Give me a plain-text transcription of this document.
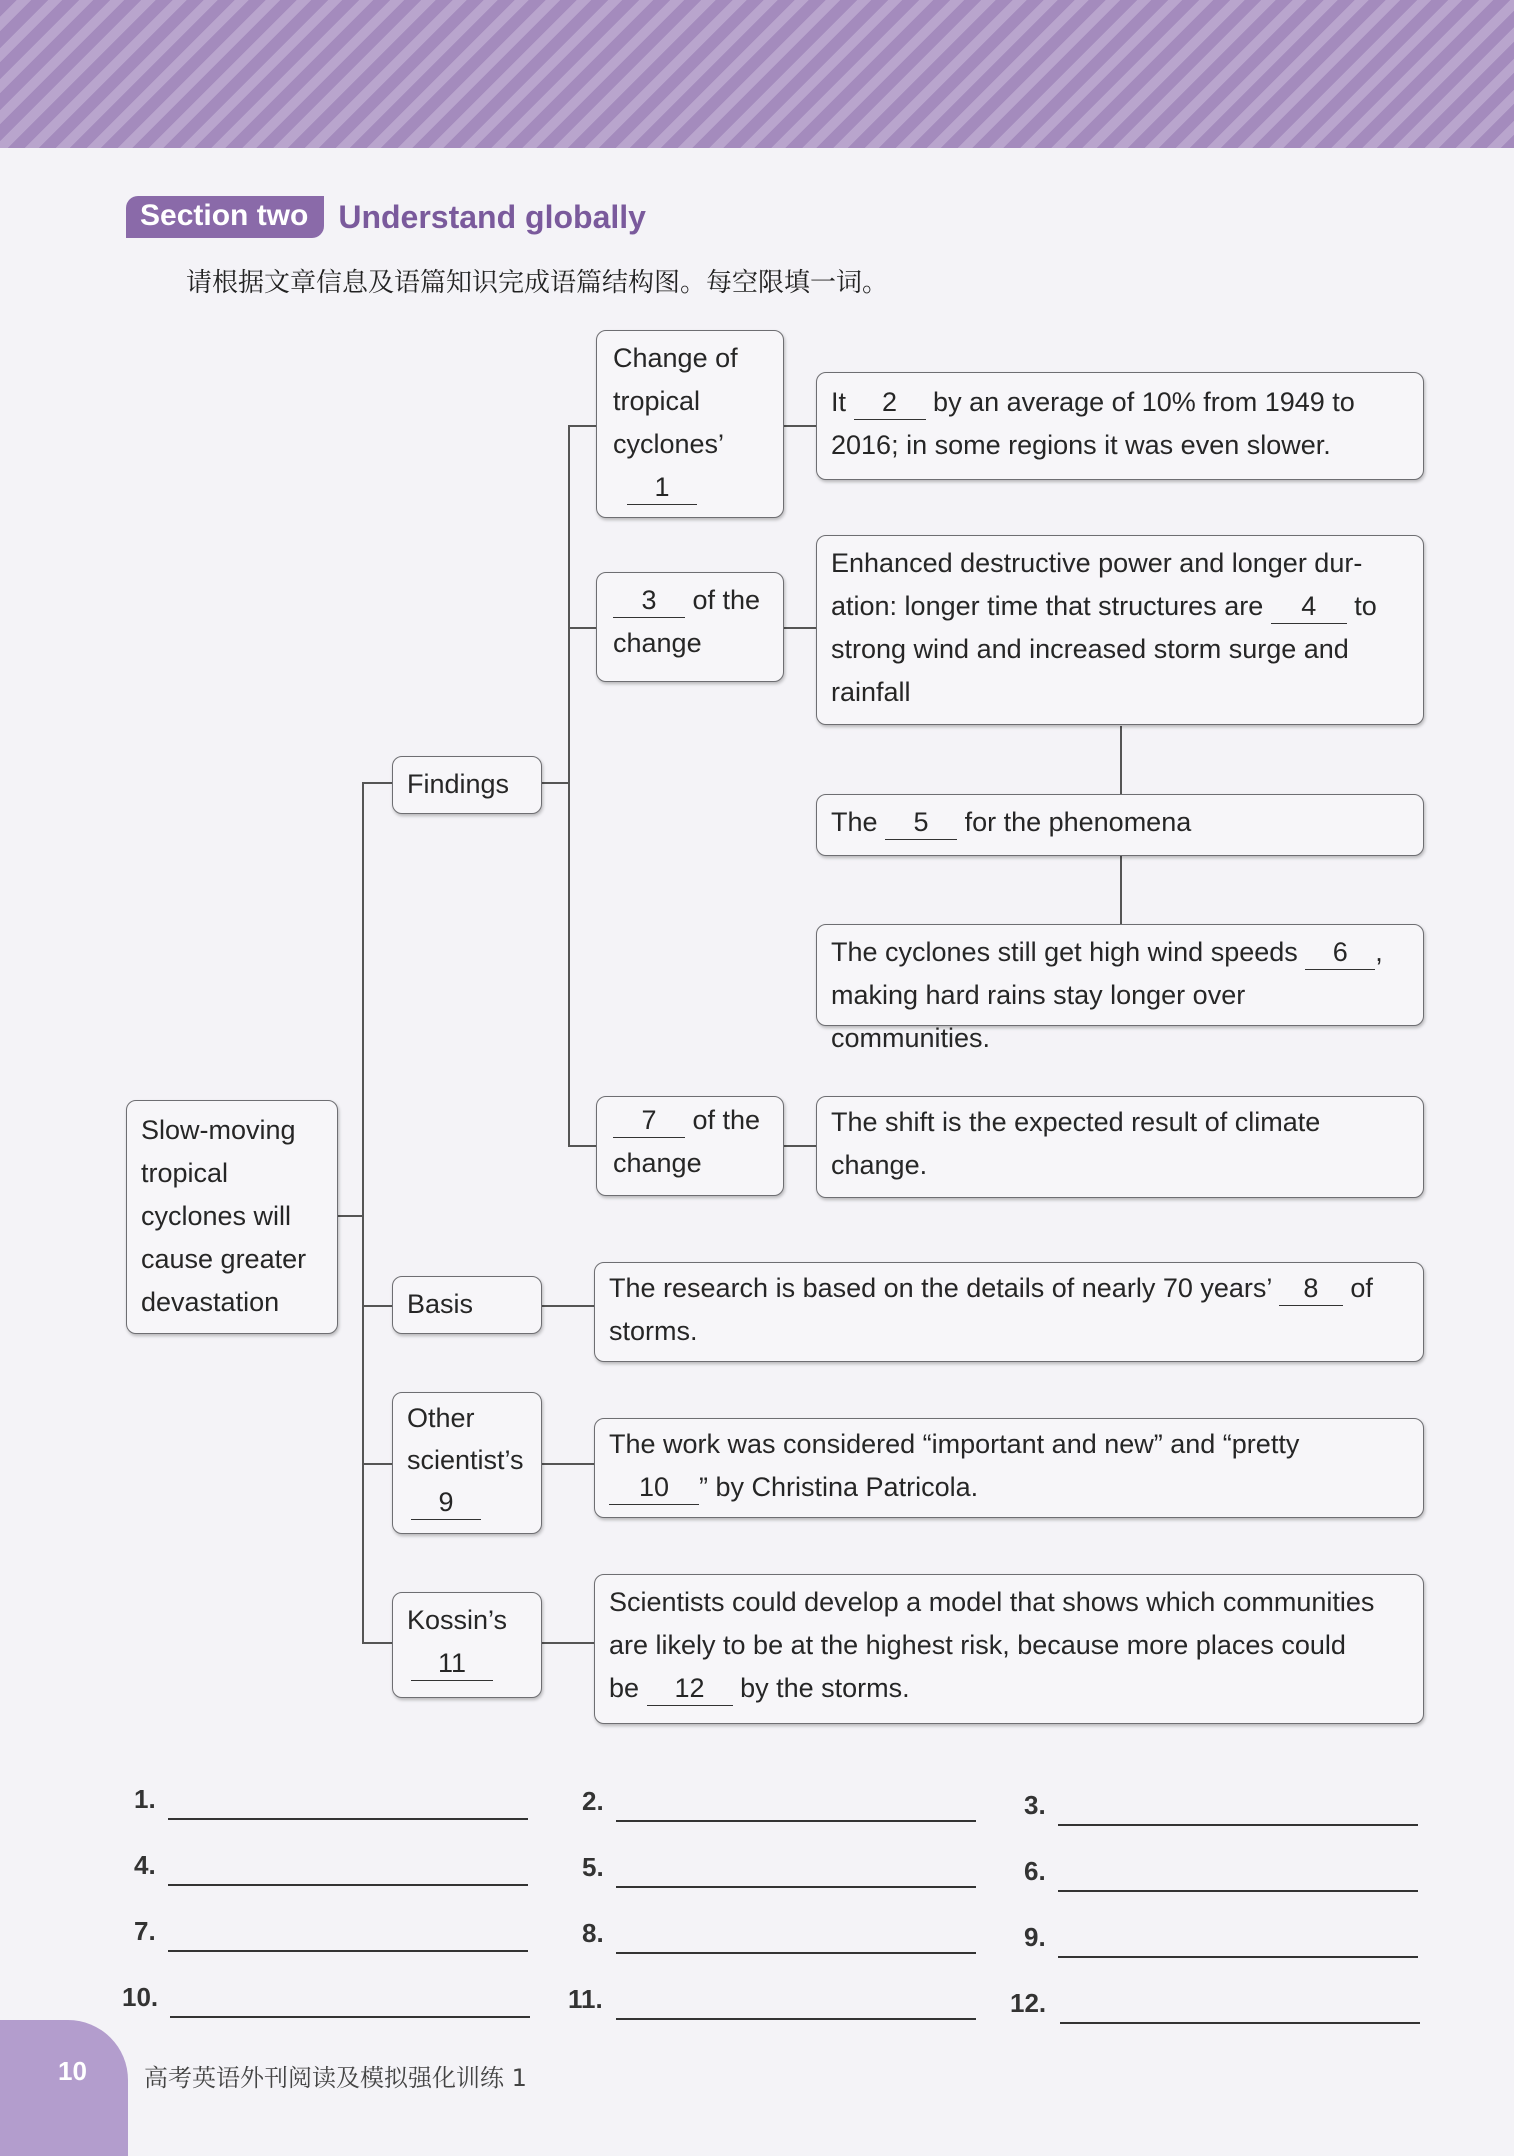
Section two Understand globally
请根据文章信息及语篇知识完成语篇结构图。每空限填一词。
Slow-moving
tropical
cyclones will
cause greater
devastation
Findings
Change of
tropical
cyclones’
1
3 of the
change
7 of the
change
Basis
Other
scientist’s
9
Kossin’s
11
It 2 by an average of 10% from 1949 to
2016; in some regions it was even slower.
Enhanced destructive power and longer dur-
ation: longer time that structures are 4 to
strong wind and increased storm surge and
rainfall
The 5 for the phenomena
The cyclones still get high wind speeds 6 ,
making hard rains stay longer over communities.
The shift is the expected result of climate
change.
The research is based on the details of nearly 70 years’ 8 of
storms.
The work was considered “important and new” and “pretty
10 ” by Christina Patricola.
Scientists could develop a model that shows which communities
are likely to be at the highest risk, because more places could
be 12 by the storms.
1.	2.	3.
4.	5.	6.
7.	8.	9.
10.	11.	12.
10 高考英语外刊阅读及模拟强化训练 1
